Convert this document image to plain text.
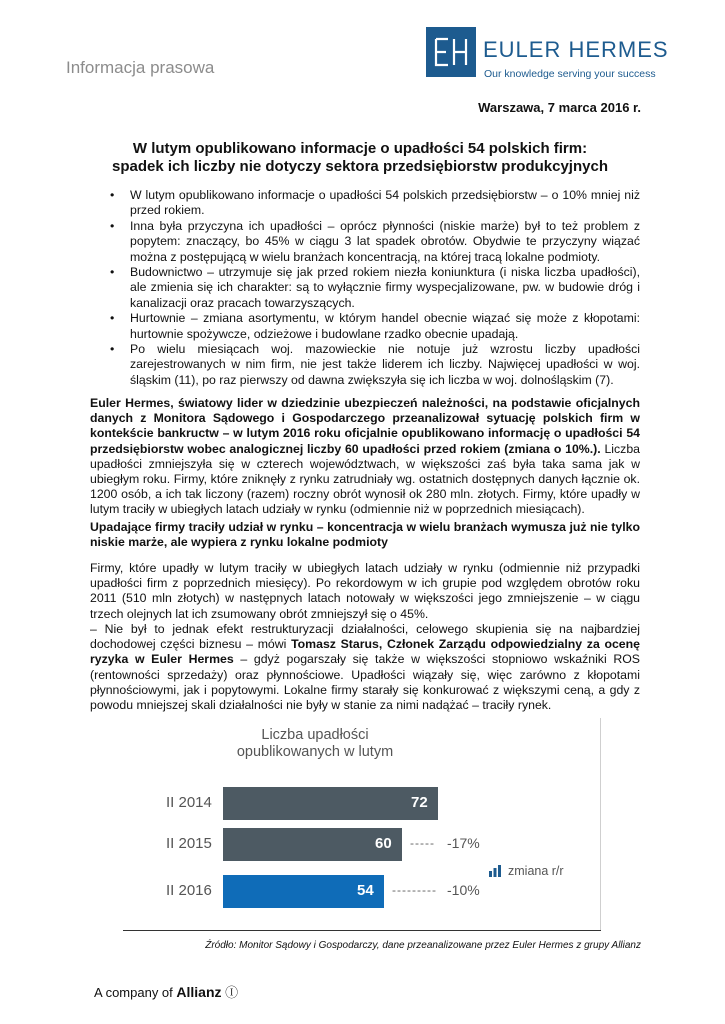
Informacja prasowa
EULER HERMES
Our knowledge serving your success
Warszawa, 7 marca 2016 r.
W lutym opublikowano informacje o upadłości 54 polskich firm:
spadek ich liczby nie dotyczy sektora przedsiębiorstw produkcyjnych
• W lutym opublikowano informacje o upadłości 54 polskich przedsiębiorstw – o 10% mniej niż przed rokiem.
• Inna była przyczyna ich upadłości – oprócz płynności (niskie marże) był to też problem z popytem: znaczący, bo 45% w ciągu 3 lat spadek obrotów. Obydwie te przyczyny wiązać można z postępującą w wielu branżach koncentracją, na której tracą lokalne podmioty.
• Budownictwo – utrzymuje się jak przed rokiem niezła koniunktura (i niska liczba upadłości), ale zmienia się ich charakter: są to wyłącznie firmy wyspecjalizowane, pw. w budowie dróg i kanalizacji oraz pracach towarzyszących.
• Hurtownie – zmiana asortymentu, w którym handel obecnie wiązać się może z kłopotami: hurtownie spożywcze, odzieżowe i budowlane rzadko obecnie upadają.
• Po wielu miesiącach woj. mazowieckie nie notuje już wzrostu liczby upadłości zarejestrowanych w nim firm, nie jest także liderem ich liczby. Najwięcej upadłości w woj. śląskim (11), po raz pierwszy od dawna zwiększyła się ich liczba w woj. dolnośląskim (7).
Euler Hermes, światowy lider w dziedzinie ubezpieczeń należności, na podstawie oficjalnych danych z Monitora Sądowego i Gospodarczego przeanalizował sytuację polskich firm w kontekście bankructw – w lutym 2016 roku oficjalnie opublikowano informację o upadłości 54 przedsiębiorstw wobec analogicznej liczby 60 upadłości przed rokiem (zmiana o 10%.). Liczba upadłości zmniejszyła się w czterech województwach, w większości zaś była taka sama jak w ubiegłym roku. Firmy, które zniknęły z rynku zatrudniały wg. ostatnich dostępnych danych łącznie ok. 1200 osób, a ich tak liczony (razem) roczny obrót wynosił ok 280 mln. złotych. Firmy, które upadły w lutym traciły w ubiegłych latach udziały w rynku (odmiennie niż w poprzednich miesiącach).
Upadające firmy traciły udział w rynku – koncentracja w wielu branżach wymusza już nie tylko niskie marże, ale wypiera z rynku lokalne podmioty
Firmy, które upadły w lutym traciły w ubiegłych latach udziały w rynku (odmiennie niż przypadki upadłości firm z poprzednich miesięcy). Po rekordowym w ich grupie pod względem obrotów roku 2011 (510 mln złotych) w następnych latach notowały w większości jego zmniejszenie – w ciągu trzech olejnych lat ich zsumowany obrót zmniejszył się o 45%.
– Nie był to jednak efekt restrukturyzacji działalności, celowego skupienia się na najbardziej dochodowej części biznesu – mówi Tomasz Starus, Członek Zarządu odpowiedzialny za ocenę ryzyka w Euler Hermes – gdyż pogarszały się także w większości stopniowo wskaźniki ROS (rentowności sprzedaży) oraz płynnościowe. Upadłości wiązały się, więc zarówno z kłopotami płynnościowymi, jak i popytowymi. Lokalne firmy starały się konkurować z większymi ceną, a gdy z powodu mniejszej skali działalności nie były w stanie za nimi nadążać – traciły rynek.
Liczba upadłości
opublikowanych w lutym
II 2014	72
II 2015	60 ----- -17%
II 2016	54 --------- -10%
zmiana r/r
Źródło: Monitor Sądowy i Gospodarczy, dane przeanalizowane przez Euler Hermes z grupy Allianz
A company of Allianz Ⓘ
